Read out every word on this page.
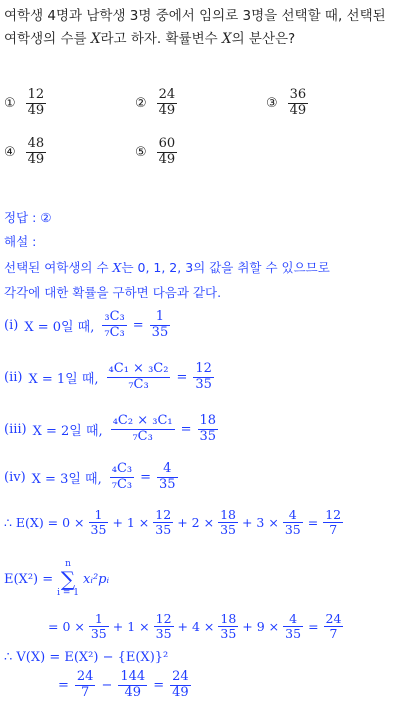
여학생 4명과 남학생 3명 중에서 임의로 3명을 선택할 때, 선택된
여학생의 수를 X라고 하자. 확률변수 X의 분산은?
① $\frac{12}{49}$	② $\frac{24}{49}$	③ $\frac{36}{49}$
④ $\frac{48}{49}$	⑤ $\frac{60}{49}$
정답 : ②
해설 :
선택된 여학생의 수 X는 0, 1, 2, 3의 값을 취할 수 있으므로
각각에 대한 확률을 구하면 다음과 같다.
(ⅰ) X = 0일 때, $\frac{\text{₃C₃}}{\text{₇C₃}} = \frac{1}{35}$
(ⅱ) X = 1일 때, $\frac{\text{₄C₁ × ₃C₂}}{\text{₇C₃}} = \frac{12}{35}$
(ⅲ) X = 2일 때, $\frac{\text{₄C₂ × ₃C₁}}{\text{₇C₃}} = \frac{18}{35}$
(ⅳ) X = 3일 때, $\frac{\text{₄C₃}}{\text{₇C₃}} = \frac{4}{35}$
∴ $E(X) = 0 \times \frac{1}{35} + 1 \times \frac{12}{35} + 2 \times \frac{18}{35} + 3 \times \frac{4}{35} = \frac{12}{7}$
E(X²) =
n
∑
i = 1
xᵢ²pᵢ
= $0 \times \frac{1}{35} + 1 \times \frac{12}{35} + 4 \times \frac{18}{35} + 9 \times \frac{4}{35} = \frac{24}{7}$
∴ V(X) = E(X²) − {E(X)}²
= $\frac{24}{7} - \frac{144}{49} = \frac{24}{49}$
